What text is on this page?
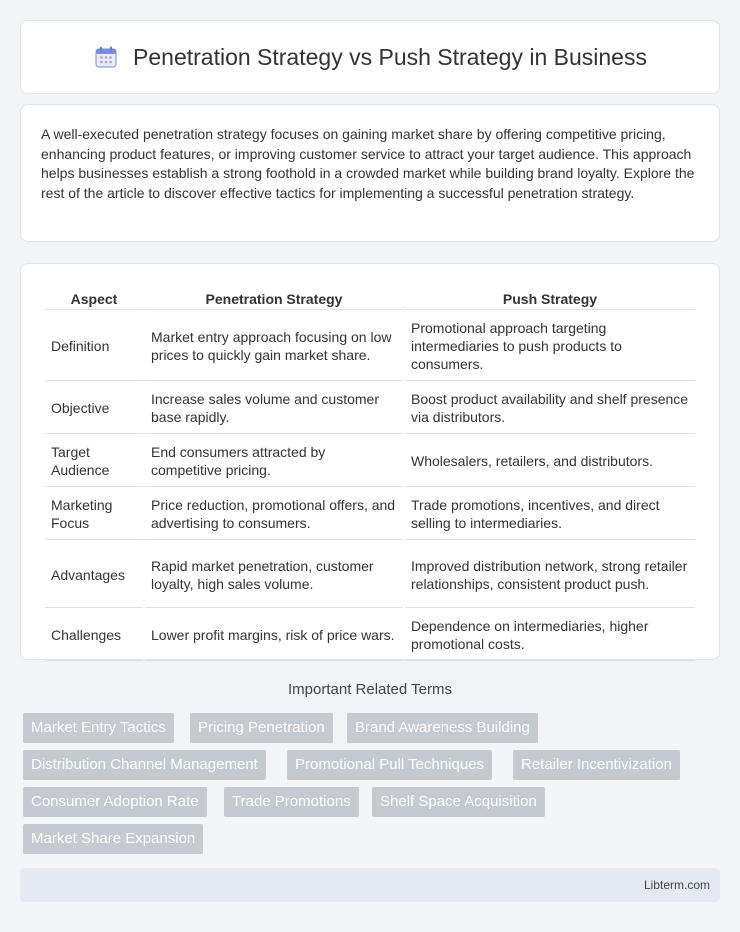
Penetration Strategy vs Push Strategy in Business

A well-executed penetration strategy focuses on gaining market share by offering competitive pricing, enhancing product features, or improving customer service to attract your target audience. This approach helps businesses establish a strong foothold in a crowded market while building brand loyalty. Explore the rest of the article to discover effective tactics for implementing a successful penetration strategy.

Aspect	Penetration Strategy	Push Strategy
Definition	Market entry approach focusing on low prices to quickly gain market share.	Promotional approach targeting intermediaries to push products to consumers.
Objective	Increase sales volume and customer base rapidly.	Boost product availability and shelf presence via distributors.
Target Audience	End consumers attracted by competitive pricing.	Wholesalers, retailers, and distributors.
Marketing Focus	Price reduction, promotional offers, and advertising to consumers.	Trade promotions, incentives, and direct selling to intermediaries.
Advantages	Rapid market penetration, customer loyalty, high sales volume.	Improved distribution network, strong retailer relationships, consistent product push.
Challenges	Lower profit margins, risk of price wars.	Dependence on intermediaries, higher promotional costs.
Important Related Terms
Market Entry Tactics	Pricing Penetration	Brand Awareness Building
Distribution Channel Management	Promotional Pull Techniques	Retailer Incentivization
Consumer Adoption Rate	Trade Promotions	Shelf Space Acquisition
Market Share Expansion
Libterm.com
